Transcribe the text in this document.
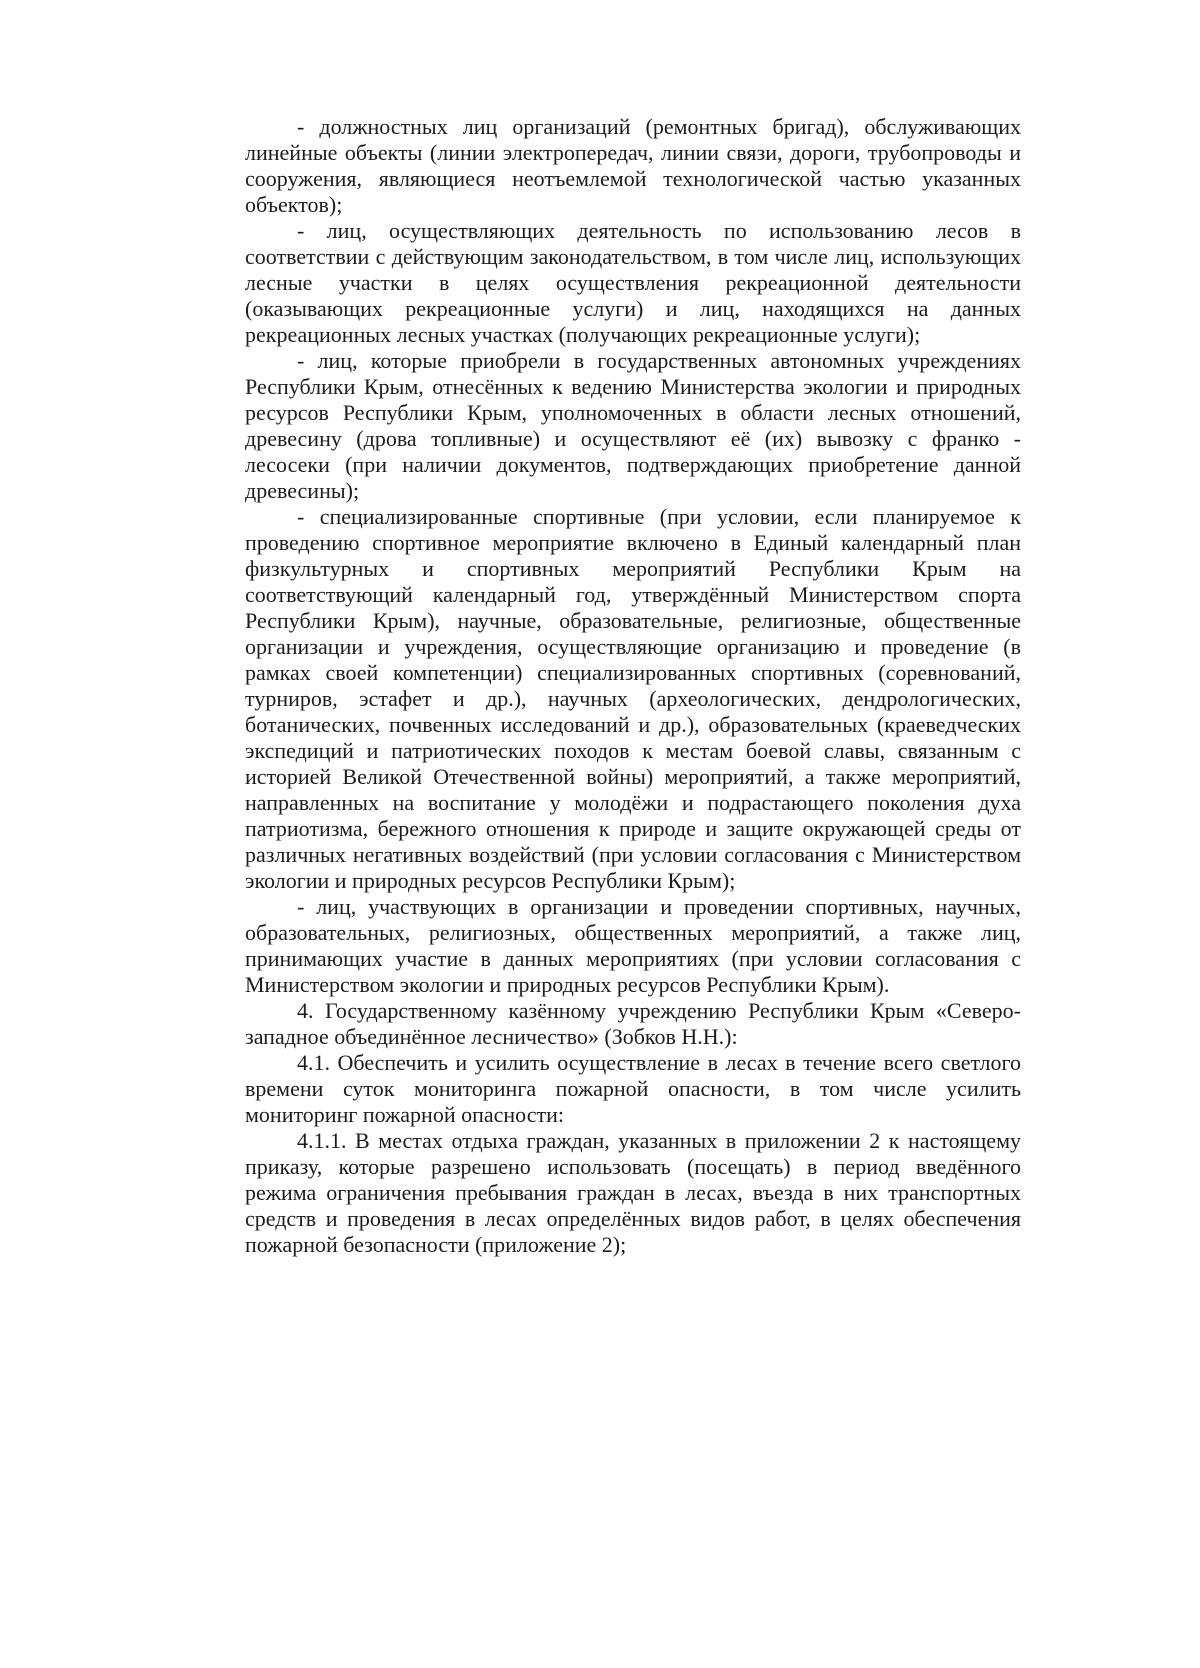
- должностных лиц организаций (ремонтных бригад), обслуживающих линейные объекты (линии электропередач, линии связи, дороги, трубопроводы и сооружения, являющиеся неотъемлемой технологической частью указанных объектов);

- лиц, осуществляющих деятельность по использованию лесов в соответствии с действующим законодательством, в том числе лиц, использующих лесные участки в целях осуществления рекреационной деятельности (оказывающих рекреационные услуги) и лиц, находящихся на данных рекреационных лесных участках (получающих рекреационные услуги);

- лиц, которые приобрели в государственных автономных учреждениях Республики Крым, отнесённых к ведению Министерства экологии и природных ресурсов Республики Крым, уполномоченных в области лесных отношений, древесину (дрова топливные) и осуществляют её (их) вывозку с франко - лесосеки (при наличии документов, подтверждающих приобретение данной древесины);

- специализированные спортивные (при условии, если планируемое к проведению спортивное мероприятие включено в Единый календарный план физкультурных и спортивных мероприятий Республики Крым на соответствующий календарный год, утверждённый Министерством спорта Республики Крым), научные, образовательные, религиозные, общественные организации и учреждения, осуществляющие организацию и проведение (в рамках своей компетенции) специализированных спортивных (соревнований, турниров, эстафет и др.), научных (археологических, дендрологических, ботанических, почвенных исследований и др.), образовательных (краеведческих экспедиций и патриотических походов к местам боевой славы, связанным с историей Великой Отечественной войны) мероприятий, а также мероприятий, направленных на воспитание у молодёжи и подрастающего поколения духа патриотизма, бережного отношения к природе и защите окружающей среды от различных негативных воздействий (при условии согласования с Министерством экологии и природных ресурсов Республики Крым);

- лиц, участвующих в организации и проведении спортивных, научных, образовательных, религиозных, общественных мероприятий, а также лиц, принимающих участие в данных мероприятиях (при условии согласования с Министерством экологии и природных ресурсов Республики Крым).

4. Государственному казённому учреждению Республики Крым «Северо-западное объединённое лесничество» (Зобков Н.Н.):

4.1. Обеспечить и усилить осуществление в лесах в течение всего светлого времени суток мониторинга пожарной опасности, в том числе усилить мониторинг пожарной опасности:

4.1.1. В местах отдыха граждан, указанных в приложении 2 к настоящему приказу, которые разрешено использовать (посещать) в период введённого режима ограничения пребывания граждан в лесах, въезда в них транспортных средств и проведения в лесах определённых видов работ, в целях обеспечения пожарной безопасности (приложение 2);
